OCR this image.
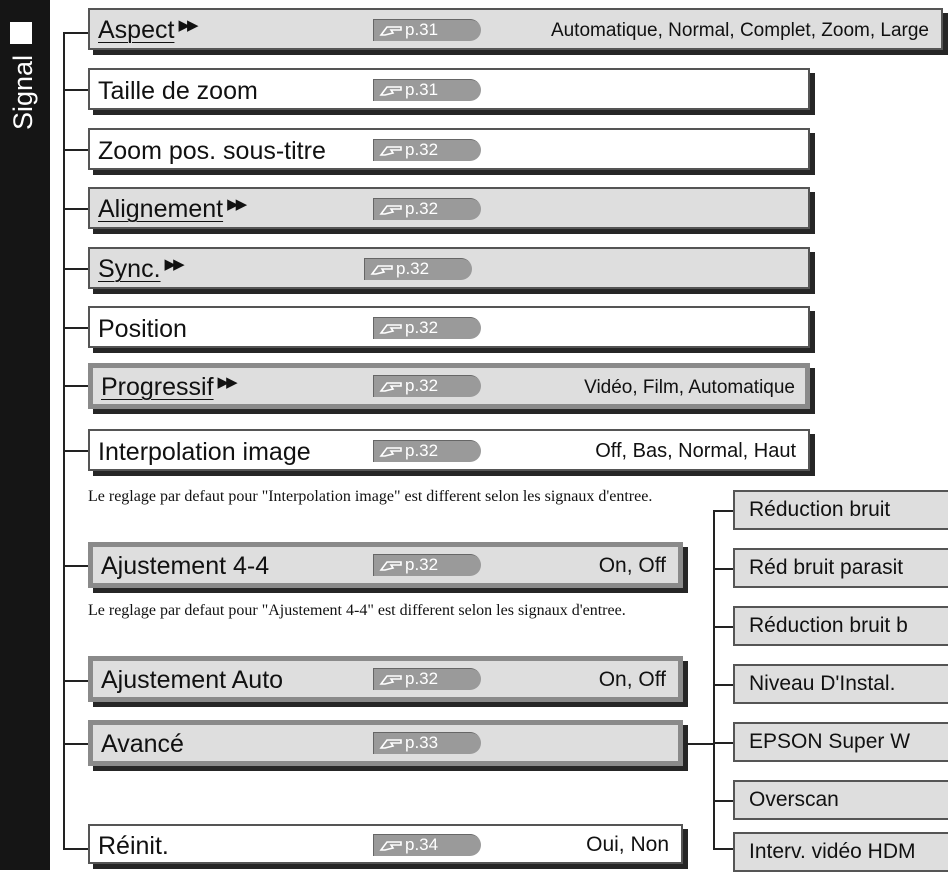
Signal
Aspect ▶▶	p.31	Automatique, Normal, Complet, Zoom, Large
Taille de zoom	p.31
Zoom pos. sous-titre	p.32
Alignement ▶▶	p.32
Sync. ▶▶	p.32
Position	p.32
Progressif ▶▶	p.32	Vidéo, Film, Automatique
Interpolation image	p.32	Off, Bas, Normal, Haut
Le reglage par defaut pour "Interpolation image" est different selon les signaux d'entree.
Ajustement 4-4	p.32	On, Off
Le reglage par defaut pour "Ajustement 4-4" est different selon les signaux d'entree.
Ajustement Auto	p.32	On, Off
Avancé	p.33
Réinit.	p.34	Oui, Non
Réduction bruit
Réd bruit parasit
Réduction bruit b
Niveau D'Instal.
EPSON Super W
Overscan
Interv. vidéo HDM
